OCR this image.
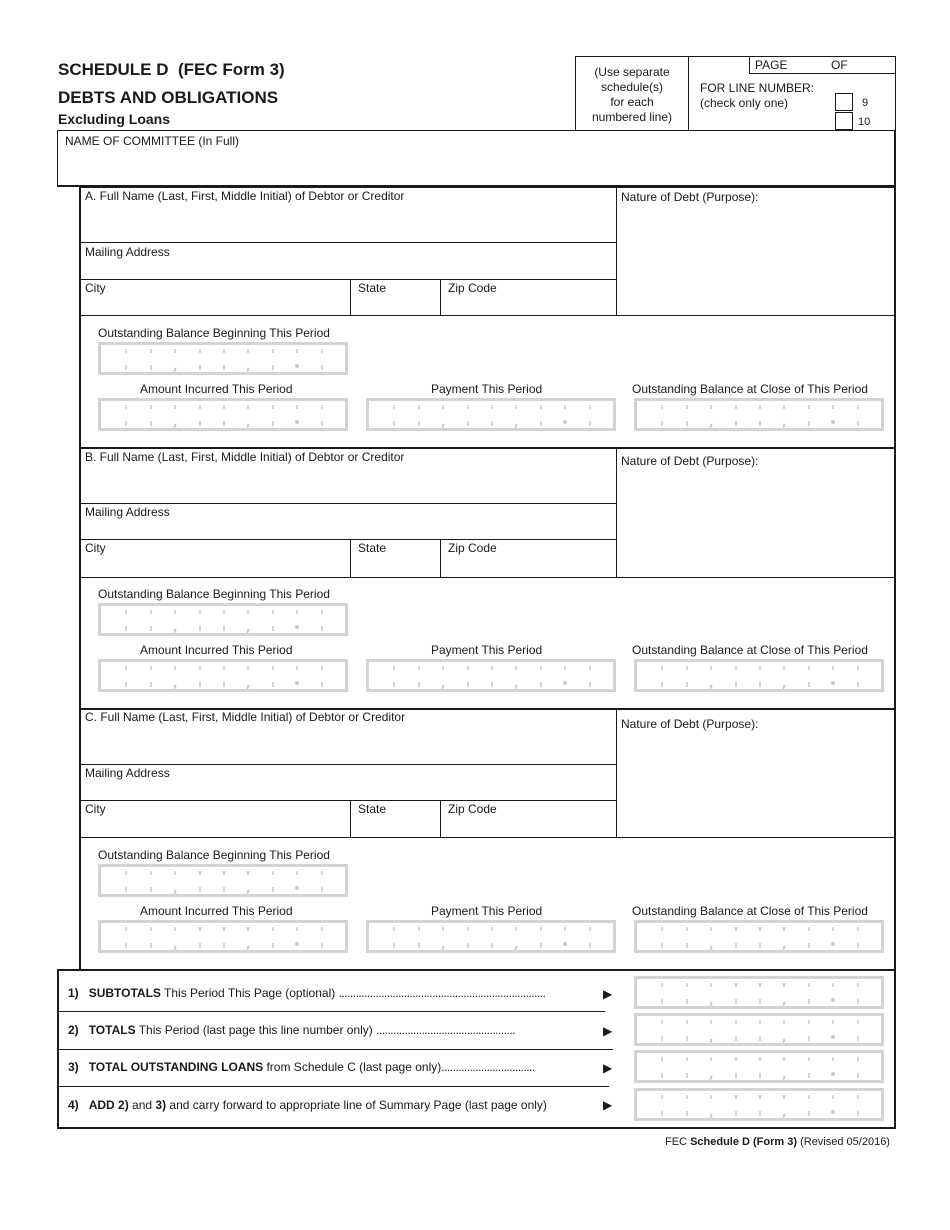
SCHEDULE D (FEC Form 3)
DEBTS AND OBLIGATIONS
Excluding Loans
(Use separate
schedule(s)
for each
numbered line)
PAGE	OF
FOR LINE NUMBER:
(check only one)	9
10
NAME OF COMMITTEE (In Full)
A. Full Name (Last, First, Middle Initial) of Debtor or Creditor	Nature of Debt (Purpose):
Mailing Address
City	State	Zip Code
Outstanding Balance Beginning This Period
Amount Incurred This Period	Payment This Period	Outstanding Balance at Close of This Period
B. Full Name (Last, First, Middle Initial) of Debtor or Creditor	Nature of Debt (Purpose):
Mailing Address
City	State	Zip Code
Outstanding Balance Beginning This Period
Amount Incurred This Period	Payment This Period	Outstanding Balance at Close of This Period
C. Full Name (Last, First, Middle Initial) of Debtor or Creditor	Nature of Debt (Purpose):
Mailing Address
City	State	Zip Code
Outstanding Balance Beginning This Period
Amount Incurred This Period	Payment This Period	Outstanding Balance at Close of This Period
,	,
,	,	,	,	,	,
,	,
,	,	,	,	,	,
,	,
,	,	,	,	,	,
,	,
,	,
,	,
,	,
1) SUBTOTALS This Period This Page (optional) .........................................................................	▶
2) TOTALS This Period (last page this line number only) .................................................	▶
3) TOTAL OUTSTANDING LOANS from Schedule C (last page only).................................	▶
4) ADD 2) and 3) and carry forward to appropriate line of Summary Page (last page only)	▶
FEC Schedule D (Form 3) (Revised 05/2016)
